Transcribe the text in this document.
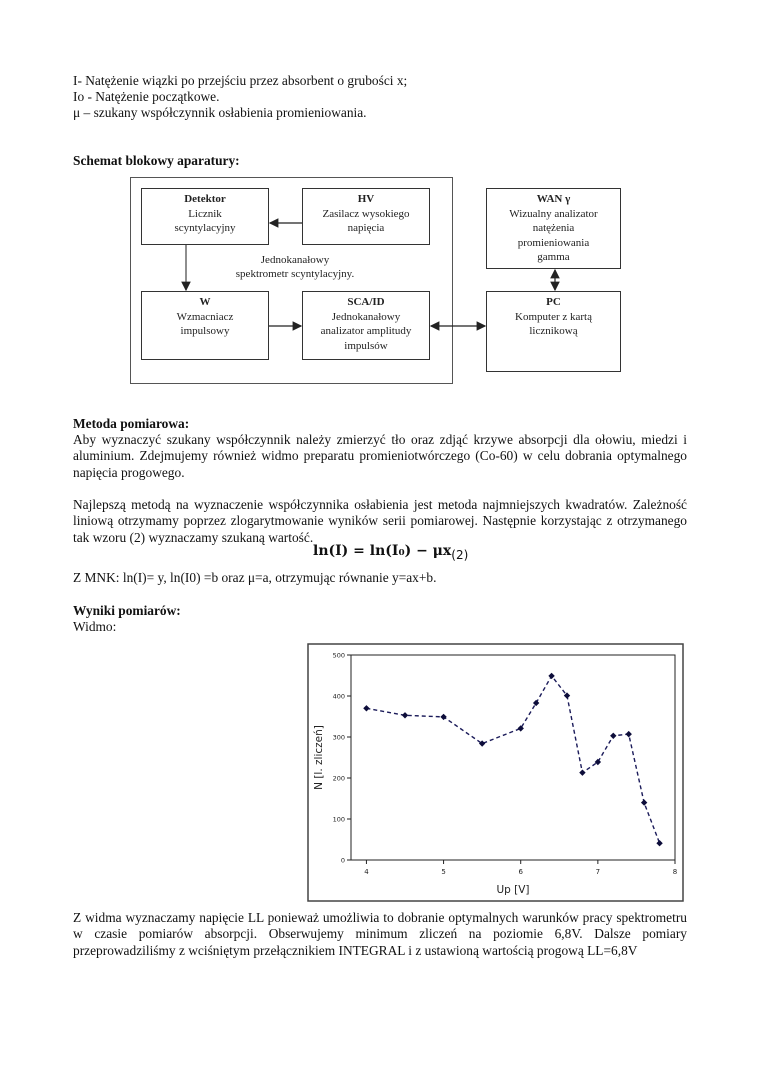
I- Natężenie wiązki po przejściu przez absorbent o grubości x;
Io - Natężenie początkowe.
μ – szukany współczynnik osłabienia promieniowania.
Schemat blokowy aparatury:
Detektor
Licznik
scyntylacyjny
HV
Zasilacz wysokiego
napięcia
Jednokanałowy
spektrometr scyntylacyjny.
W
Wzmacniacz
impulsowy
SCA/ID
Jednokanałowy
analizator amplitudy
impulsów
WAN γ
Wizualny analizator
natężenia
promieniowania
gamma
PC
Komputer z kartą
licznikową
Metoda pomiarowa:
Aby wyznaczyć szukany współczynnik należy zmierzyć tło oraz zdjąć krzywe absorpcji dla ołowiu, miedzi i aluminium. Zdejmujemy również widmo preparatu promieniotwórczego (Co-60) w celu dobrania optymalnego napięcia progowego.
Najlepszą metodą na wyznaczenie współczynnika osłabienia jest metoda najmniejszych kwadratów. Zależność liniową otrzymamy poprzez zlogarytmowanie wyników serii pomiarowej. Następnie korzystając z otrzymanego tak wzoru (2) wyznaczamy szukaną wartość.
ln(I) = ln(I₀) − μx(2)
Z MNK: ln(I)= y, ln(I0) =b oraz μ=a, otrzymując równanie y=ax+b.
Wyniki pomiarów:
Widmo:
0
100
200
300
400
500
4	5	6	7	8
Up [V]
N [l. zliczeń]
Z widma wyznaczamy napięcie LL ponieważ umożliwia to dobranie optymalnych warunków pracy spektrometru w czasie pomiarów absorpcji. Obserwujemy minimum zliczeń na poziomie 6,8V. Dalsze pomiary przeprowadziliśmy z wciśniętym przełącznikiem INTEGRAL i z ustawioną wartością progową LL=6,8V
